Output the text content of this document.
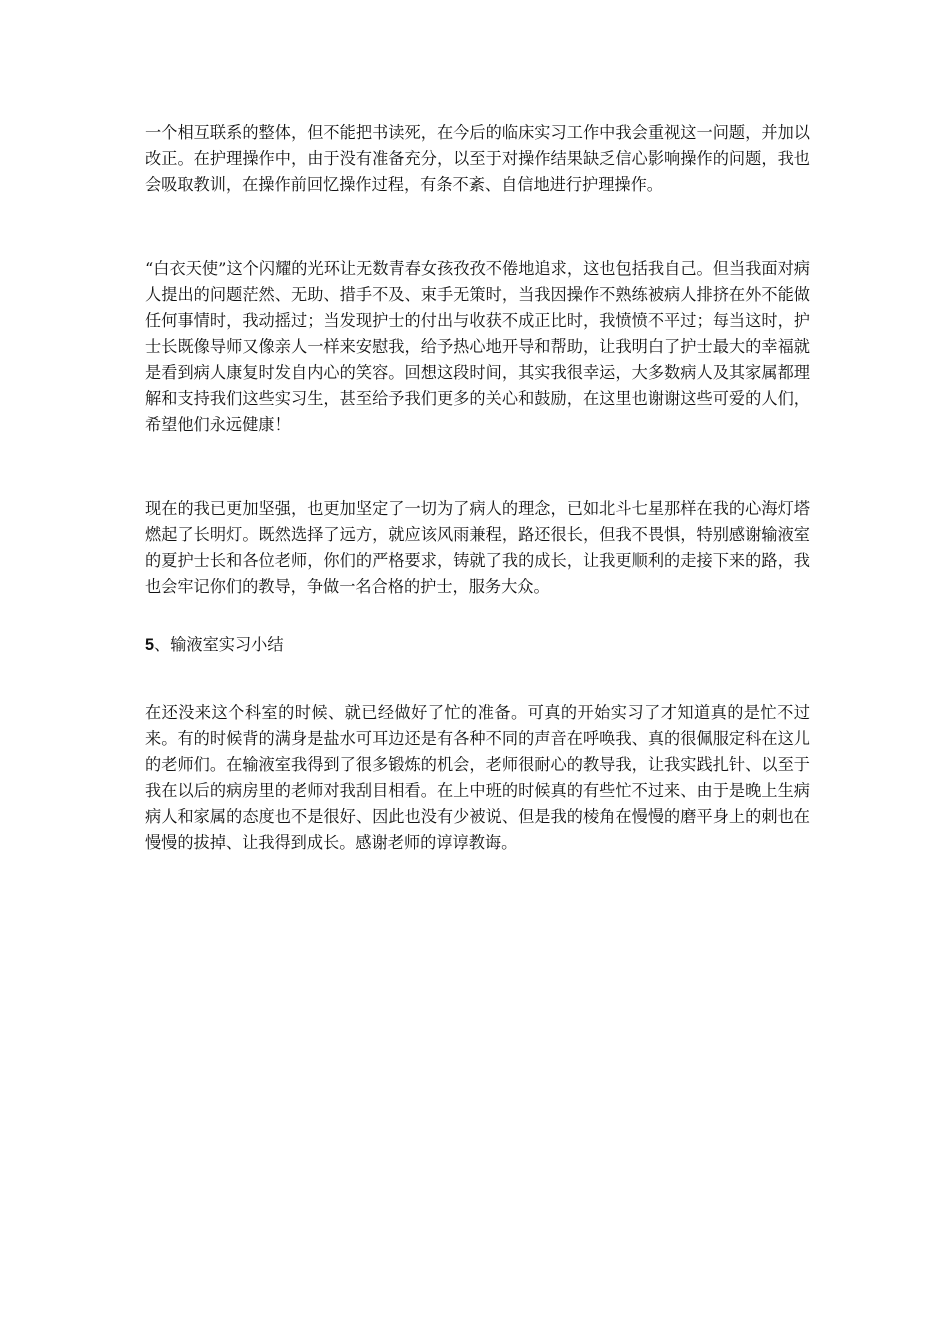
一个相互联系的整体，但不能把书读死，在今后的临床实习工作中我会重视这一问题，并加以改正。在护理操作中，由于没有准备充分，以至于对操作结果缺乏信心影响操作的问题，我也会吸取教训，在操作前回忆操作过程，有条不紊、自信地进行护理操作。

“白衣天使”这个闪耀的光环让无数青春女孩孜孜不倦地追求，这也包括我自己。但当我面对病人提出的问题茫然、无助、措手不及、束手无策时，当我因操作不熟练被病人排挤在外不能做任何事情时，我动摇过；当发现护士的付出与收获不成正比时，我愤愤不平过；每当这时，护士长既像导师又像亲人一样来安慰我，给予热心地开导和帮助，让我明白了护士最大的幸福就是看到病人康复时发自内心的笑容。回想这段时间，其实我很幸运，大多数病人及其家属都理解和支持我们这些实习生，甚至给予我们更多的关心和鼓励，在这里也谢谢这些可爱的人们，希望他们永远健康！

现在的我已更加坚强，也更加坚定了一切为了病人的理念，已如北斗七星那样在我的心海灯塔燃起了长明灯。既然选择了远方，就应该风雨兼程，路还很长，但我不畏惧，特别感谢输液室的夏护士长和各位老师，你们的严格要求，铸就了我的成长，让我更顺利的走接下来的路，我也会牢记你们的教导，争做一名合格的护士，服务大众。

5、输液室实习小结

在还没来这个科室的时候、就已经做好了忙的准备。可真的开始实习了才知道真的是忙不过来。有的时候背的满身是盐水可耳边还是有各种不同的声音在呼唤我、真的很佩服定科在这儿的老师们。在输液室我得到了很多锻炼的机会，老师很耐心的教导我，让我实践扎针、以至于我在以后的病房里的老师对我刮目相看。在上中班的时候真的有些忙不过来、由于是晚上生病病人和家属的态度也不是很好、因此也没有少被说、但是我的棱角在慢慢的磨平身上的刺也在慢慢的拔掉、让我得到成长。感谢老师的谆谆教诲。
